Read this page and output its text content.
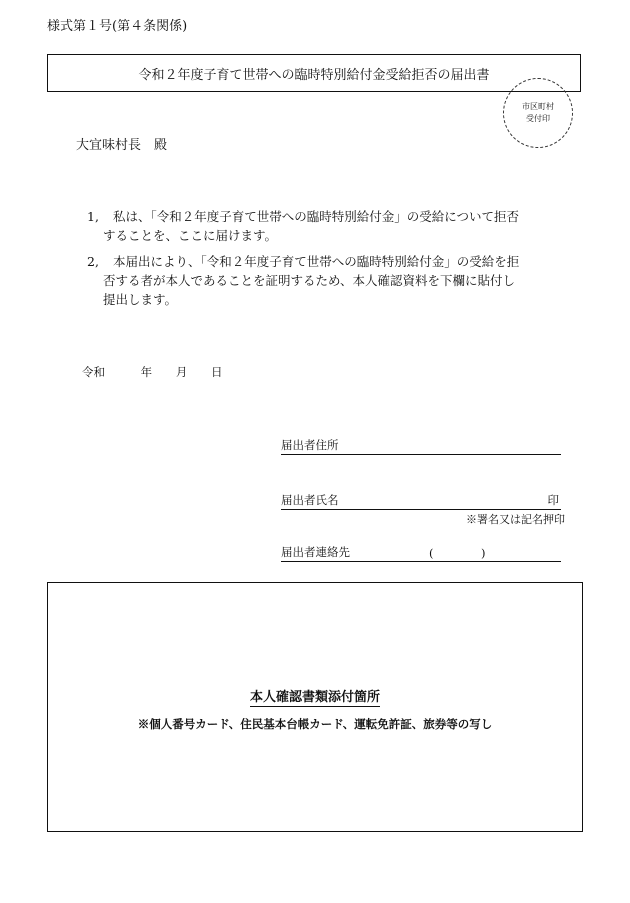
様式第１号(第４条関係)
令和２年度子育て世帯への臨時特別給付金受給拒否の届出書
市区町村
受付印
大宜味村長　殿
1, 私は、「令和２年度子育て世帯への臨時特別給付金」の受給について拒否
することを、ここに届けます。
2, 本届出により、「令和２年度子育て世帯への臨時特別給付金」の受給を拒
否する者が本人であることを証明するため、本人確認資料を下欄に貼付し
提出します。
令和	年 月 日
届出者住所
届出者氏名	印
※署名又は記名押印
届出者連絡先	(	)
本人確認書類添付箇所
※個人番号カード、住民基本台帳カード、運転免許証、旅券等の写し
